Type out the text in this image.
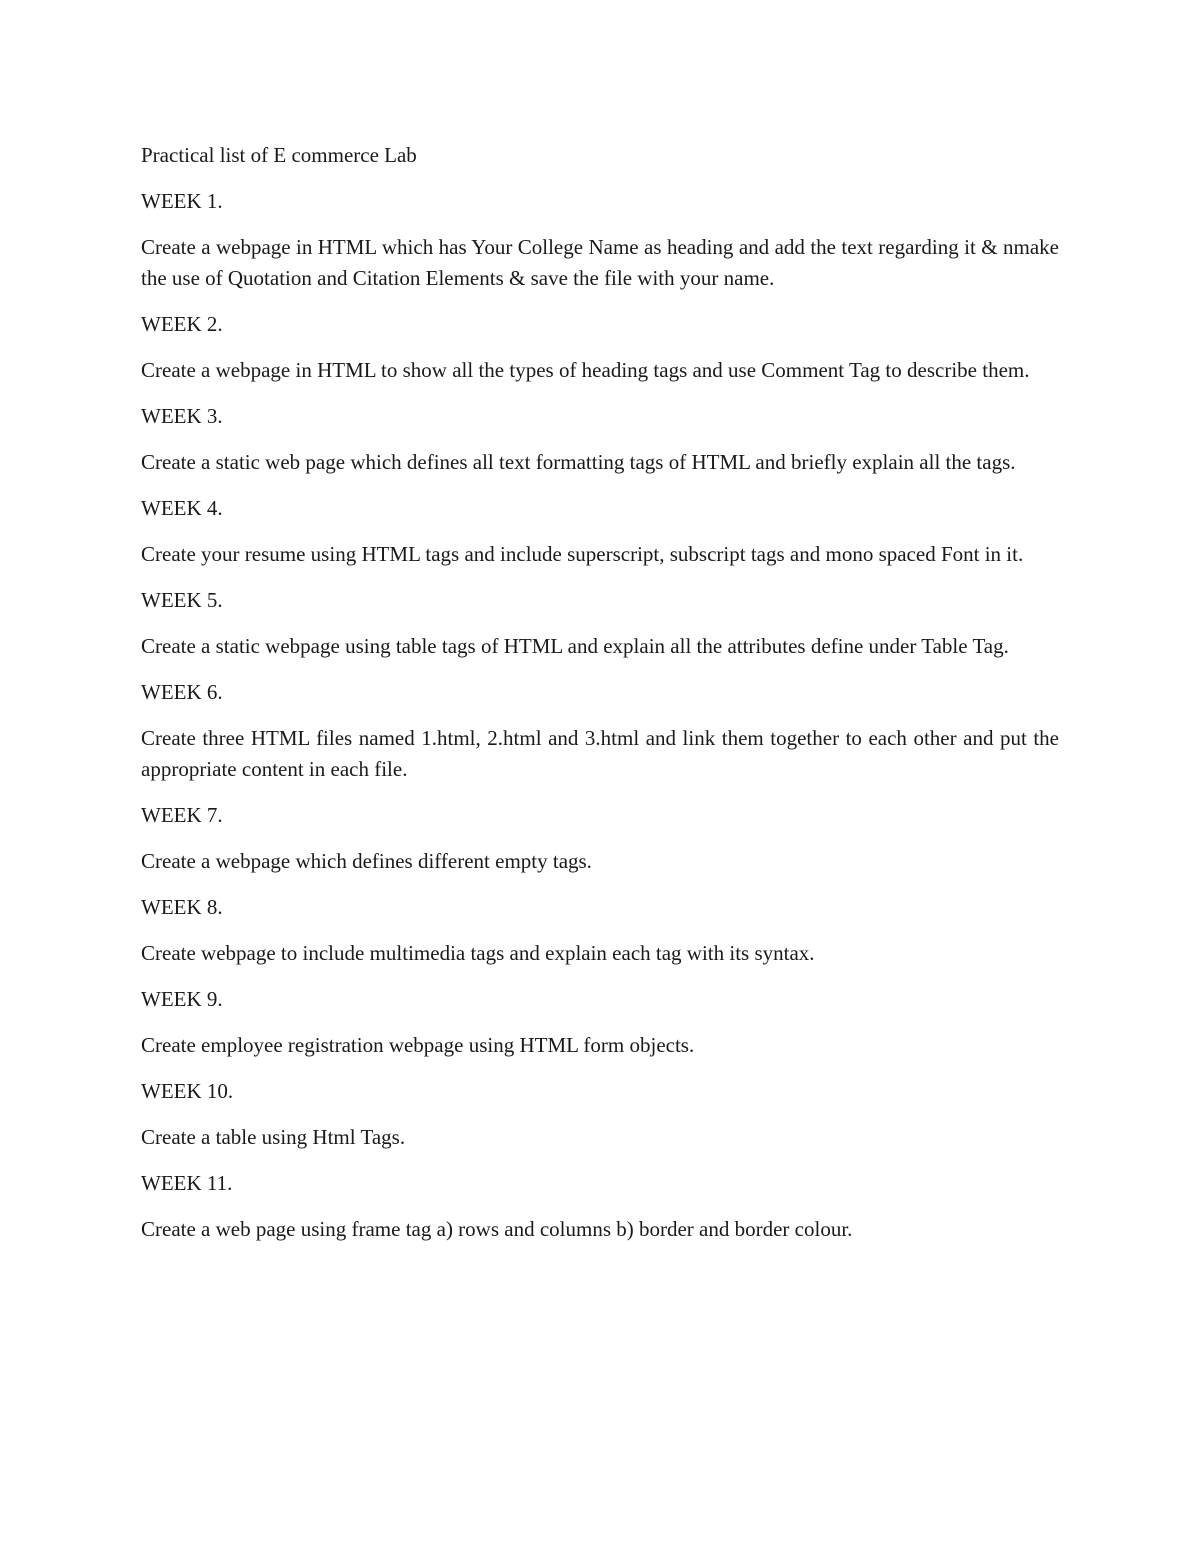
Practical list of E commerce Lab

WEEK 1.

Create a webpage in HTML which has Your College Name as heading and add the text regarding it & nmake the use of Quotation and Citation Elements & save the file with your name.

WEEK 2.

Create a webpage in HTML to show all the types of heading tags and use Comment Tag to describe them.

WEEK 3.

Create a static web page which defines all text formatting tags of HTML and briefly explain all the tags.

WEEK 4.

Create your resume using HTML tags and include superscript, subscript tags and mono spaced Font in it.

WEEK 5.

Create a static webpage using table tags of HTML and explain all the attributes define under Table Tag.

WEEK 6.

Create three HTML files named 1.html, 2.html and 3.html and link them together to each other and put the appropriate content in each file.

WEEK 7.

Create a webpage which defines different empty tags.

WEEK 8.

Create webpage to include multimedia tags and explain each tag with its syntax.

WEEK 9.

Create employee registration webpage using HTML form objects.

WEEK 10.

Create a table using Html Tags.

WEEK 11.

Create a web page using frame tag a) rows and columns b) border and border colour.
